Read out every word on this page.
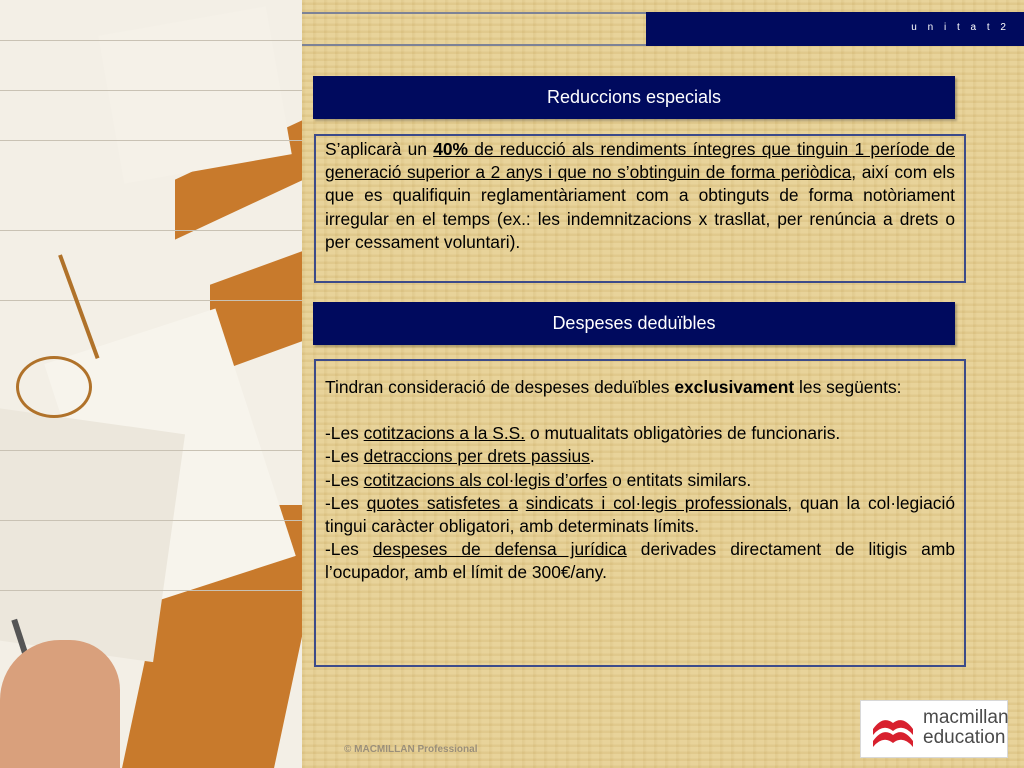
u n i t a t 2
Reduccions especials

S’aplicarà un 40% de reducció als rendiments íntegres que tinguin 1 període de generació superior a 2 anys i que no s’obtinguin de forma periòdica, així com els que es qualifiquin reglamentàriament com a obtinguts de forma notòriament irregular en el temps (ex.: les indemnitzacions x trasllat, per renúncia a drets o per cessament voluntari).

Despeses deduïbles

Tindran consideració de despeses deduïbles exclusivament les següents:

-Les cotitzacions a la S.S. o mutualitats obligatòries de funcionaris.

-Les detraccions per drets passius.

-Les cotitzacions als col·legis d’orfes o entitats similars.

-Les quotes satisfetes a sindicats i col·legis professionals, quan la col·legiació tingui caràcter obligatori, amb determinats límits.

-Les despeses de defensa jurídica derivades directament de litigis amb l’ocupador, amb el límit de 300€/any.

macmillan
education
© MACMILLAN Professional
